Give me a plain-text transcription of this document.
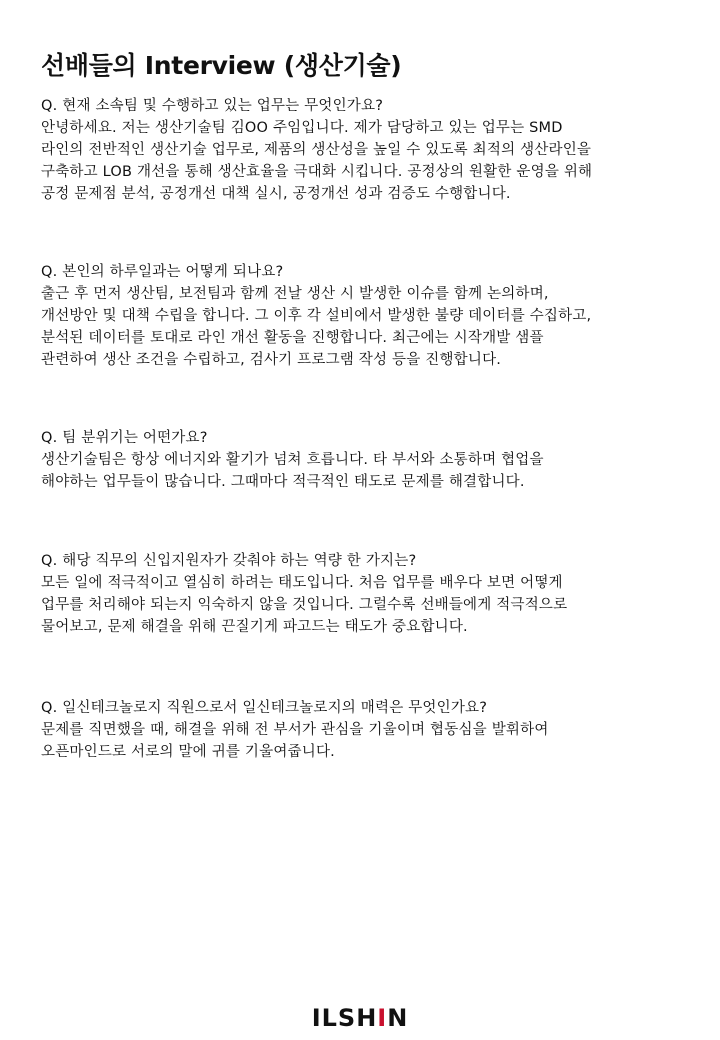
선배들의 Interview (생산기술)
Q. 현재 소속팀 및 수행하고 있는 업무는 무엇인가요?
안녕하세요. 저는 생산기술팀 김OO 주임입니다. 제가 담당하고 있는 업무는 SMD
라인의 전반적인 생산기술 업무로, 제품의 생산성을 높일 수 있도록 최적의 생산라인을
구축하고 LOB 개선을 통해 생산효율을 극대화 시킵니다. 공정상의 원활한 운영을 위해
공정 문제점 분석, 공정개선 대책 실시, 공정개선 성과 검증도 수행합니다.
Q. 본인의 하루일과는 어떻게 되나요?
출근 후 먼저 생산팀, 보전팀과 함께 전날 생산 시 발생한 이슈를 함께 논의하며,
개선방안 및 대책 수립을 합니다. 그 이후 각 설비에서 발생한 불량 데이터를 수집하고,
분석된 데이터를 토대로 라인 개선 활동을 진행합니다. 최근에는 시작개발 샘플
관련하여 생산 조건을 수립하고, 검사기 프로그램 작성 등을 진행합니다.
Q. 팀 분위기는 어떤가요?
생산기술팀은 항상 에너지와 활기가 넘쳐 흐릅니다. 타 부서와 소통하며 협업을
해야하는 업무들이 많습니다. 그때마다 적극적인 태도로 문제를 해결합니다.
Q. 해당 직무의 신입지원자가 갖춰야 하는 역량 한 가지는?
모든 일에 적극적이고 열심히 하려는 태도입니다. 처음 업무를 배우다 보면 어떻게
업무를 처리해야 되는지 익숙하지 않을 것입니다. 그럴수록 선배들에게 적극적으로
물어보고, 문제 해결을 위해 끈질기게 파고드는 태도가 중요합니다.
Q. 일신테크놀로지 직원으로서 일신테크놀로지의 매력은 무엇인가요?
문제를 직면했을 때, 해결을 위해 전 부서가 관심을 기울이며 협동심을 발휘하여
오픈마인드로 서로의 말에 귀를 기울여줍니다.
ILSHIN
